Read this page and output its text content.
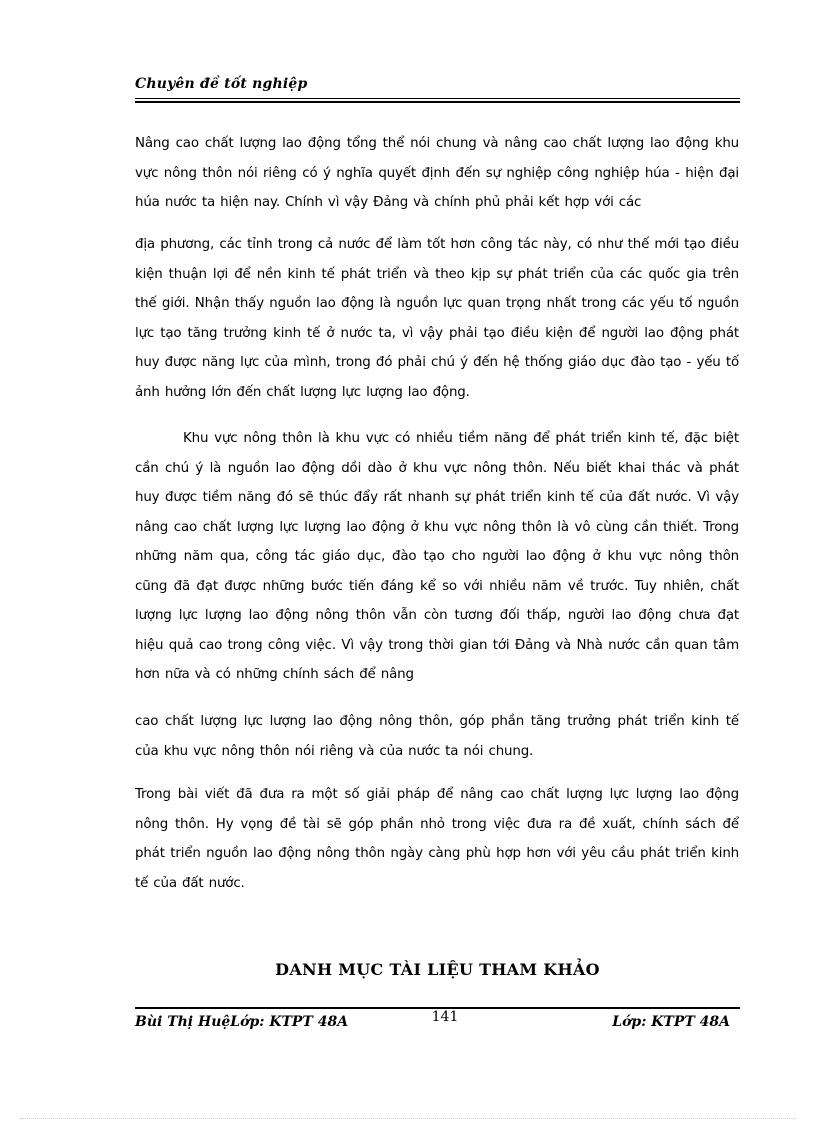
Chuyên đề tốt nghiệp

Nâng cao chất lượng lao động tổng thể nói chung và nâng cao chất lượng lao động khu vực nông thôn nói riêng có ý nghĩa quyết định đến sự nghiệp công nghiệp húa - hiện đại húa nước ta hiện nay. Chính vì vậy Đảng và chính phủ phải kết hợp với các

địa phương, các tỉnh trong cả nước để làm tốt hơn công tác này, có như thế mới tạo điều kiện thuận lợi để nền kinh tế phát triển và theo kịp sự phát triển của các quốc gia trên thế giới. Nhận thấy nguồn lao động là nguồn lực quan trọng nhất trong các yếu tố nguồn lực tạo tăng trưởng kinh tế ở nước ta, vì vậy phải tạo điều kiện để người lao động phát huy được năng lực của mình, trong đó phải chú ý đến hệ thống giáo dục đào tạo - yếu tố ảnh hưởng lớn đến chất lượng lực lượng lao động.

Khu vực nông thôn là khu vực có nhiều tiềm năng để phát triển kinh tế, đặc biệt cần chú ý là nguồn lao động dồi dào ở khu vực nông thôn. Nếu biết khai thác và phát huy được tiềm năng đó sẽ thúc đẩy rất nhanh sự phát triển kinh tế của đất nước. Vì vậy nâng cao chất lượng lực lượng lao động ở khu vực nông thôn là vô cùng cần thiết. Trong những năm qua, công tác giáo dục, đào tạo cho người lao động ở khu vực nông thôn cũng đã đạt được những bước tiến đáng kể so với nhiều năm về trước. Tuy nhiên, chất lượng lực lượng lao động nông thôn vẫn còn tương đối thấp, người lao động chưa đạt hiệu quả cao trong công việc. Vì vậy trong thời gian tới Đảng và Nhà nước cần quan tâm hơn nữa và có những chính sách để nâng

cao chất lượng lực lượng lao động nông thôn, góp phần tăng trưởng phát triển kinh tế của khu vực nông thôn nói riêng và của nước ta nói chung.

Trong bài viết đã đưa ra một số giải pháp để nâng cao chất lượng lực lượng lao động nông thôn. Hy vọng đề tài sẽ góp phần nhỏ trong việc đưa ra đề xuất, chính sách để phát triển nguồn lao động nông thôn ngày càng phù hợp hơn với yêu cầu phát triển kinh tế của đất nước.

DANH MỤC TÀI LIỆU THAM KHẢO
Bùi Thị HuệLớp: KTPT 48A	141	Lớp: KTPT 48A
